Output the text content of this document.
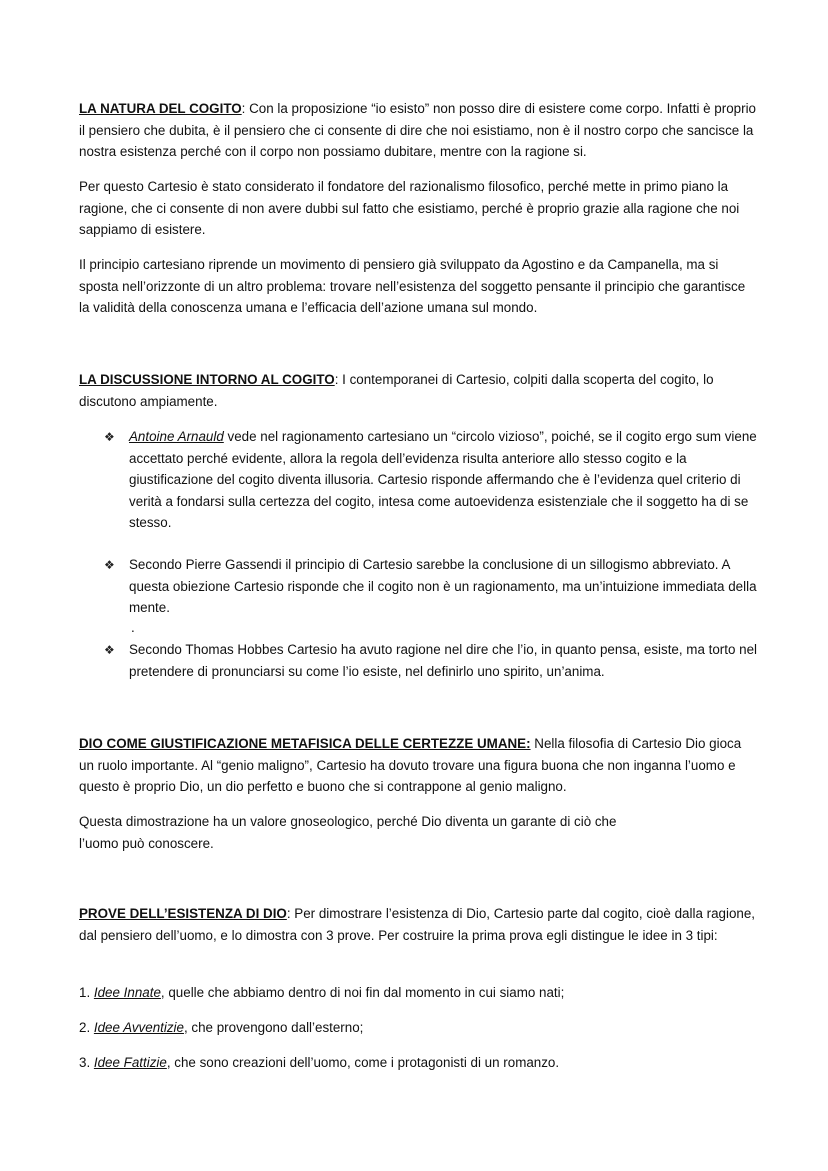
LA NATURA DEL COGITO: Con la proposizione “io esisto” non posso dire di esistere come corpo. Infatti è proprio il pensiero che dubita, è il pensiero che ci consente di dire che noi esistiamo, non è il nostro corpo che sancisce la nostra esistenza perché con il corpo non possiamo dubitare, mentre con la ragione si.

Per questo Cartesio è stato considerato il fondatore del razionalismo filosofico, perché mette in primo piano la ragione, che ci consente di non avere dubbi sul fatto che esistiamo, perché è proprio grazie alla ragione che noi sappiamo di esistere.

Il principio cartesiano riprende un movimento di pensiero già sviluppato da Agostino e da Campanella, ma si sposta nell’orizzonte di un altro problema: trovare nell’esistenza del soggetto pensante il principio che garantisce la validità della conoscenza umana e l’efficacia dell’azione umana sul mondo.

LA DISCUSSIONE INTORNO AL COGITO: I contemporanei di Cartesio, colpiti dalla scoperta del cogito, lo discutono ampiamente.

❖	Antoine Arnauld vede nel ragionamento cartesiano un “circolo vizioso”, poiché, se il cogito ergo sum viene accettato perché evidente, allora la regola dell’evidenza risulta anteriore allo stesso cogito e la giustificazione del cogito diventa illusoria. Cartesio risponde affermando che è l’evidenza quel criterio di verità a fondarsi sulla certezza del cogito, intesa come autoevidenza esistenziale che il soggetto ha di se stesso.

❖	Secondo Pierre Gassendi il principio di Cartesio sarebbe la conclusione di un sillogismo abbreviato. A questa obiezione Cartesio risponde che il cogito non è un ragionamento, ma un’intuizione immediata della mente.

.
❖	Secondo Thomas Hobbes Cartesio ha avuto ragione nel dire che l’io, in quanto pensa, esiste, ma torto nel pretendere di pronunciarsi su come l’io esiste, nel definirlo uno spirito, un’anima.

DIO COME GIUSTIFICAZIONE METAFISICA DELLE CERTEZZE UMANE: Nella filosofia di Cartesio Dio gioca un ruolo importante. Al “genio maligno”, Cartesio ha dovuto trovare una figura buona che non inganna l’uomo e questo è proprio Dio, un dio perfetto e buono che si contrappone al genio maligno.

Questa dimostrazione ha un valore gnoseologico, perché Dio diventa un garante di ciò che
l’uomo può conoscere.

PROVE DELL’ESISTENZA DI DIO: Per dimostrare l’esistenza di Dio, Cartesio parte dal cogito, cioè dalla ragione, dal pensiero dell’uomo, e lo dimostra con 3 prove. Per costruire la prima prova egli distingue le idee in 3 tipi:

1. Idee Innate, quelle che abbiamo dentro di noi fin dal momento in cui siamo nati;

2. Idee Avventizie, che provengono dall’esterno;

3. Idee Fattizie, che sono creazioni dell’uomo, come i protagonisti di un romanzo.
